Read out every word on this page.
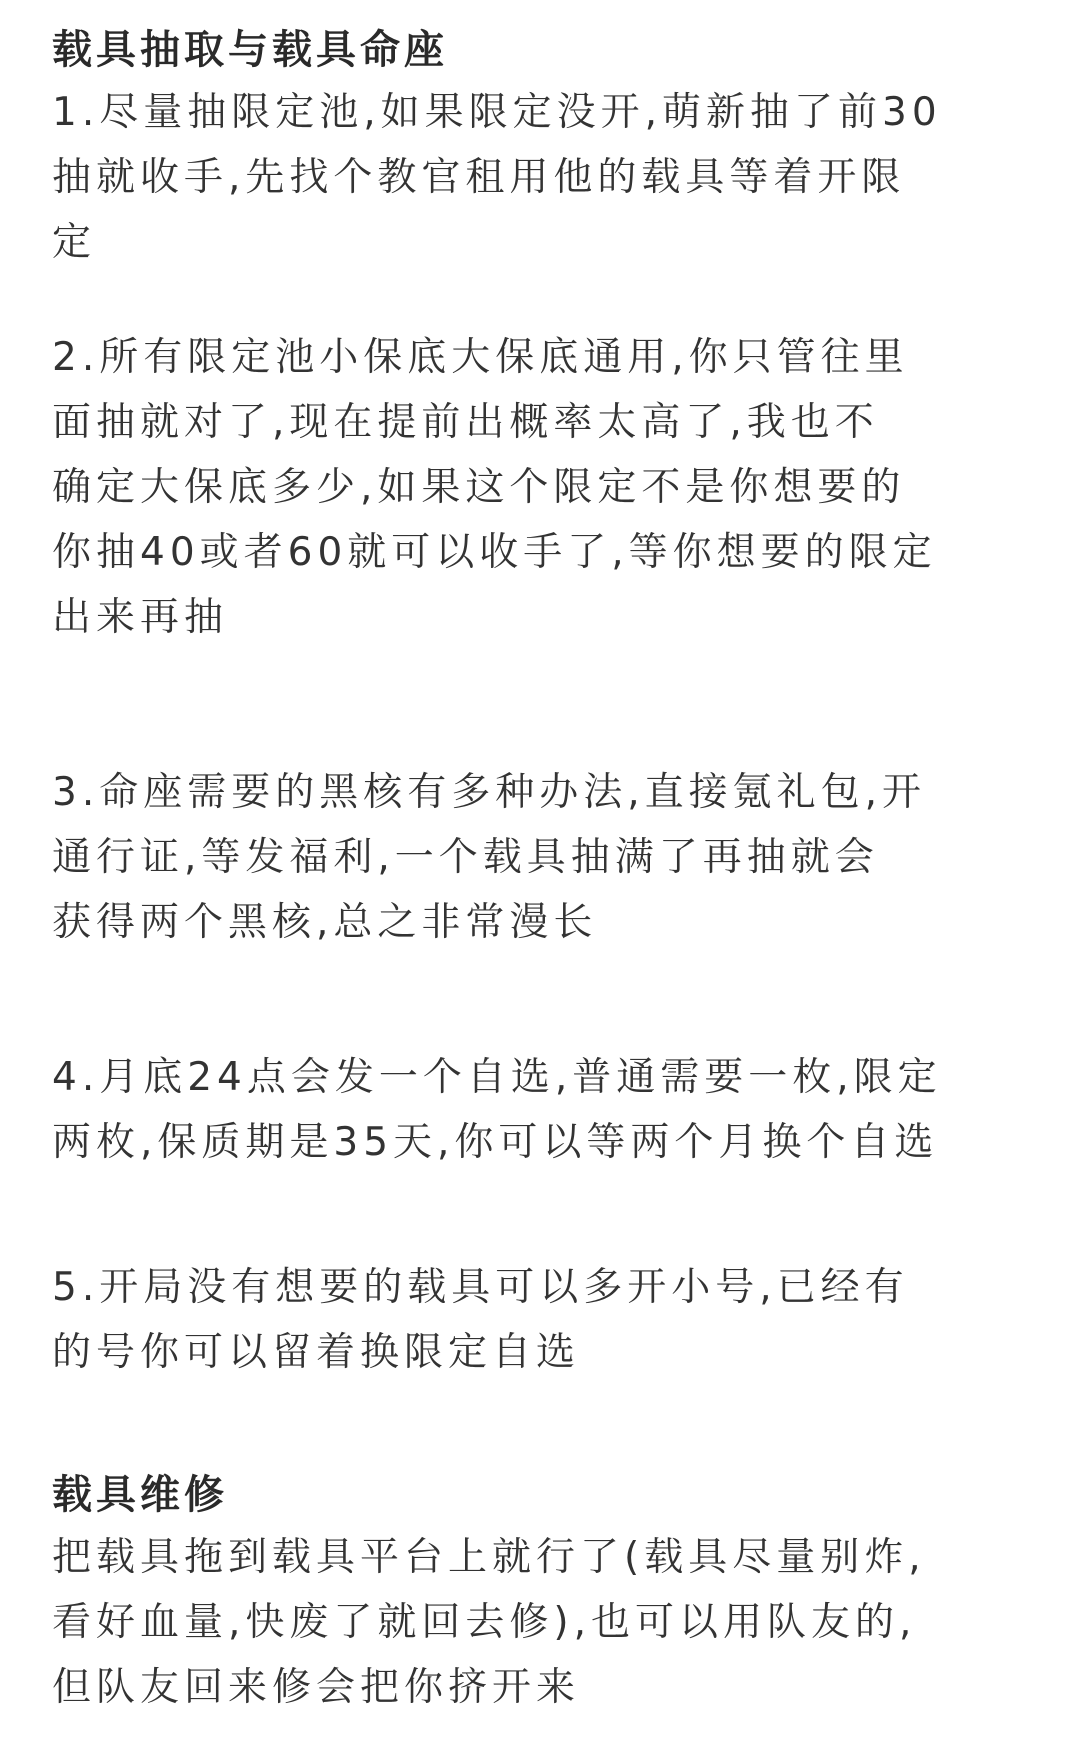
载具抽取与载具命座
1.尽量抽限定池,如果限定没开,萌新抽了前30
抽就收手,先找个教官租用他的载具等着开限
定
2.所有限定池小保底大保底通用,你只管往里
面抽就对了,现在提前出概率太高了,我也不
确定大保底多少,如果这个限定不是你想要的
你抽40或者60就可以收手了,等你想要的限定
出来再抽
3.命座需要的黑核有多种办法,直接氪礼包,开
通行证,等发福利,一个载具抽满了再抽就会
获得两个黑核,总之非常漫长
4.月底24点会发一个自选,普通需要一枚,限定
两枚,保质期是35天,你可以等两个月换个自选
5.开局没有想要的载具可以多开小号,已经有
的号你可以留着换限定自选
载具维修
把载具拖到载具平台上就行了(载具尽量别炸,
看好血量,快废了就回去修),也可以用队友的,
但队友回来修会把你挤开来
